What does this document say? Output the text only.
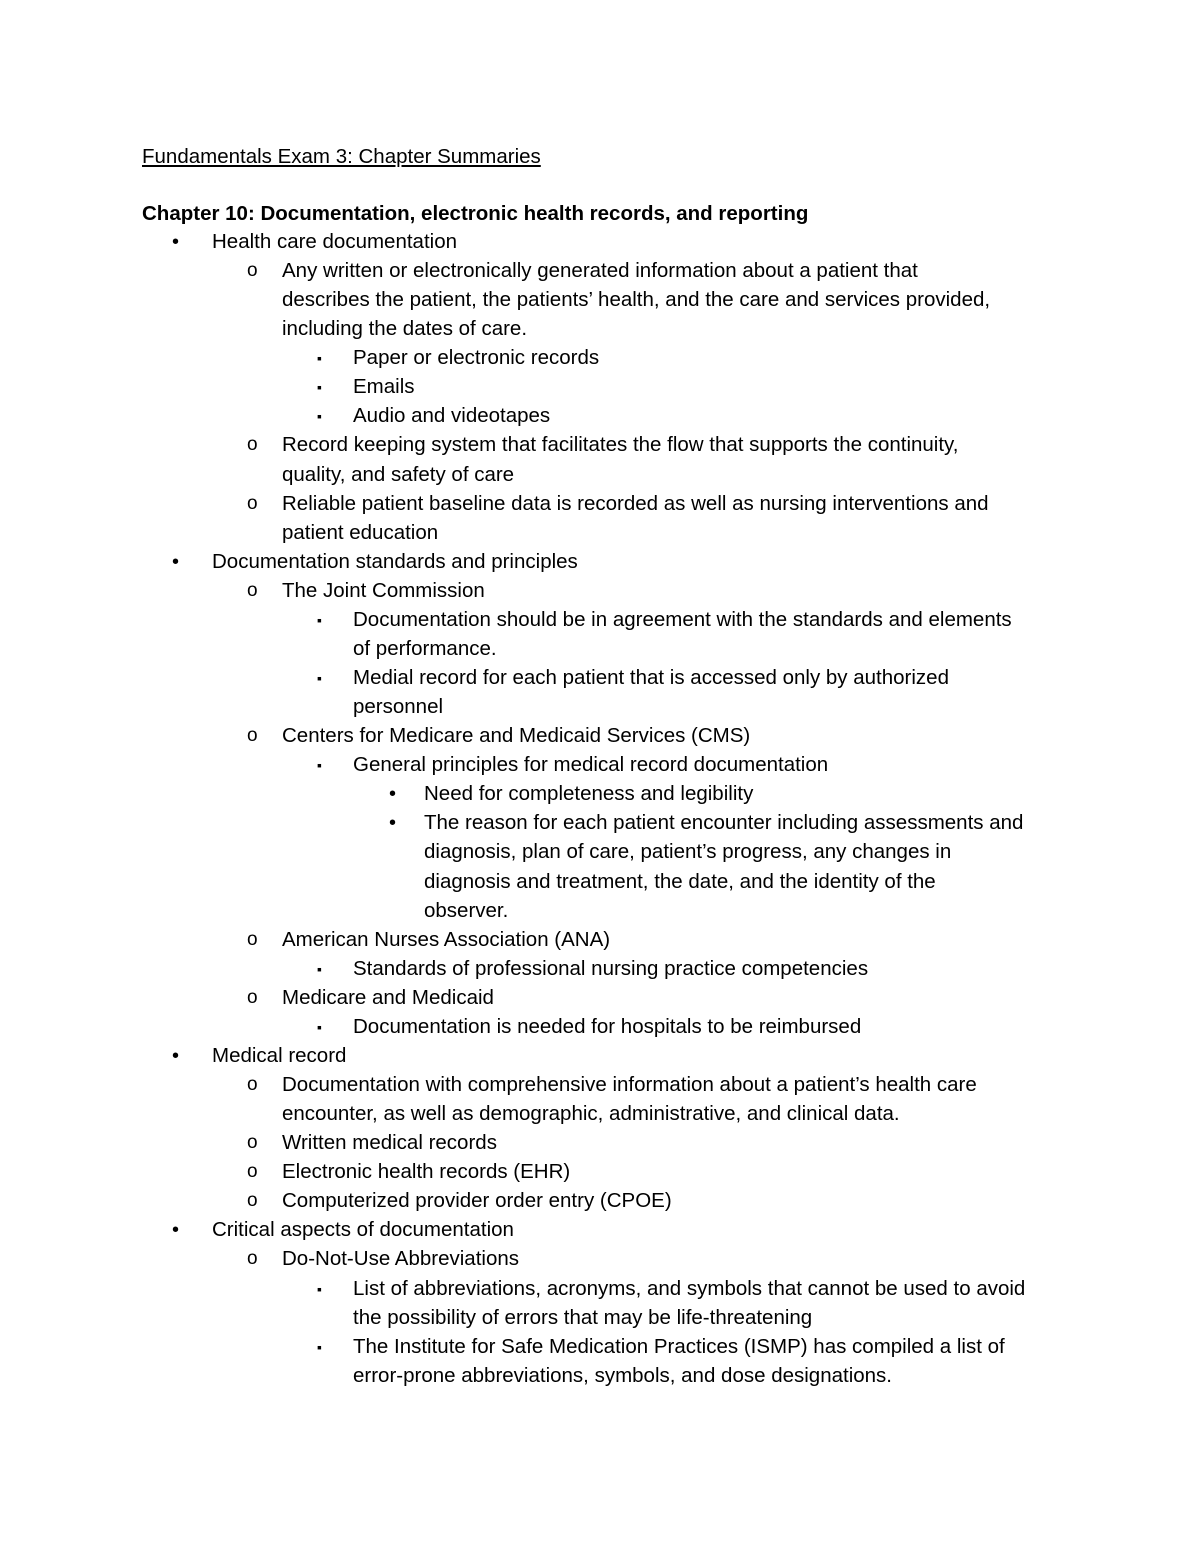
Fundamentals Exam 3: Chapter Summaries
Chapter 10: Documentation, electronic health records, and reporting
• Health care documentation
o Any written or electronically generated information about a patient that
describes the patient, the patients’ health, and the care and services provided,
including the dates of care.
▪ Paper or electronic records
▪ Emails
▪ Audio and videotapes
o Record keeping system that facilitates the flow that supports the continuity,
quality, and safety of care
o Reliable patient baseline data is recorded as well as nursing interventions and
patient education
• Documentation standards and principles
o The Joint Commission
▪ Documentation should be in agreement with the standards and elements
of performance.
▪ Medial record for each patient that is accessed only by authorized
personnel
o Centers for Medicare and Medicaid Services (CMS)
▪ General principles for medical record documentation
• Need for completeness and legibility
• The reason for each patient encounter including assessments and
diagnosis, plan of care, patient’s progress, any changes in
diagnosis and treatment, the date, and the identity of the
observer.
o American Nurses Association (ANA)
▪ Standards of professional nursing practice competencies
o Medicare and Medicaid
▪ Documentation is needed for hospitals to be reimbursed
• Medical record
o Documentation with comprehensive information about a patient’s health care
encounter, as well as demographic, administrative, and clinical data.
o Written medical records
o Electronic health records (EHR)
o Computerized provider order entry (CPOE)
• Critical aspects of documentation
o Do-Not-Use Abbreviations
▪ List of abbreviations, acronyms, and symbols that cannot be used to avoid
the possibility of errors that may be life-threatening
▪ The Institute for Safe Medication Practices (ISMP) has compiled a list of
error-prone abbreviations, symbols, and dose designations.
